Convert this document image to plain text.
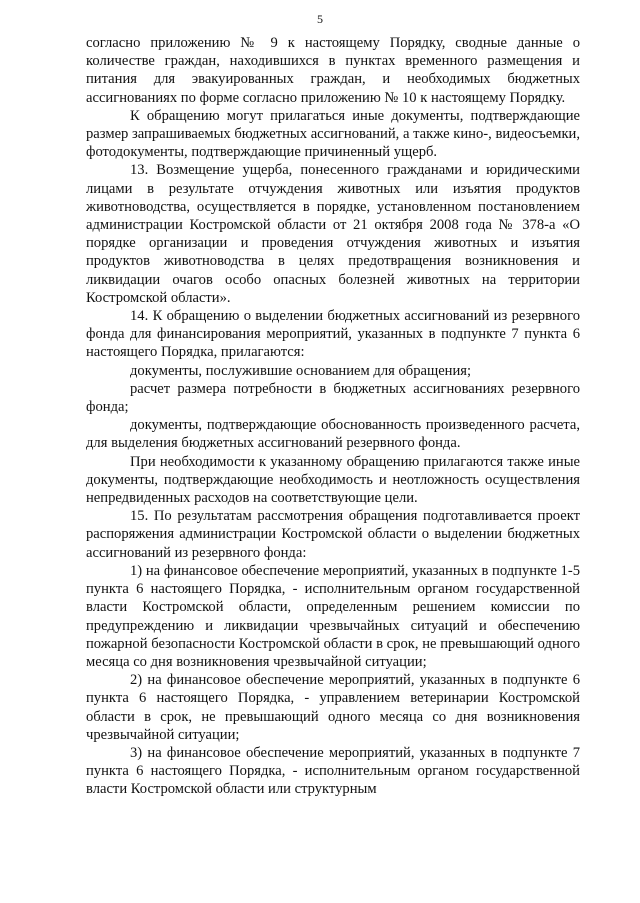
5

согласно приложению № 9 к настоящему Порядку, сводные данные о количестве граждан, находившихся в пунктах временного размещения и питания для эвакуированных граждан, и необходимых бюджетных ассигнованиях по форме согласно приложению № 10 к настоящему Порядку.

К обращению могут прилагаться иные документы, подтверждающие размер запрашиваемых бюджетных ассигнований, а также кино-, видеосъемки, фотодокументы, подтверждающие причиненный ущерб.

13. Возмещение ущерба, понесенного гражданами и юридическими лицами в результате отчуждения животных или изъятия продуктов животноводства, осуществляется в порядке, установленном постановлением администрации Костромской области от 21 октября 2008 года № 378-а «О порядке организации и проведения отчуждения животных и изъятия продуктов животноводства в целях предотвращения возникновения и ликвидации очагов особо опасных болезней животных на территории Костромской области».

14. К обращению о выделении бюджетных ассигнований из резервного фонда для финансирования мероприятий, указанных в подпункте 7 пункта 6 настоящего Порядка, прилагаются:

документы, послужившие основанием для обращения;

расчет размера потребности в бюджетных ассигнованиях резервного фонда;

документы, подтверждающие обоснованность произведенного расчета, для выделения бюджетных ассигнований резервного фонда.

При необходимости к указанному обращению прилагаются также иные документы, подтверждающие необходимость и неотложность осуществления непредвиденных расходов на соответствующие цели.

15. По результатам рассмотрения обращения подготавливается проект распоряжения администрации Костромской области о выделении бюджетных ассигнований из резервного фонда:

1) на финансовое обеспечение мероприятий, указанных в подпункте 1-5 пункта 6 настоящего Порядка, - исполнительным органом государственной власти Костромской области, определенным решением комиссии по предупреждению и ликвидации чрезвычайных ситуаций и обеспечению пожарной безопасности Костромской области в срок, не превышающий одного месяца со дня возникновения чрезвычайной ситуации;

2) на финансовое обеспечение мероприятий, указанных в подпункте 6 пункта 6 настоящего Порядка, - управлением ветеринарии Костромской области в срок, не превышающий одного месяца со дня возникновения чрезвычайной ситуации;

3) на финансовое обеспечение мероприятий, указанных в подпункте 7 пункта 6 настоящего Порядка, - исполнительным органом государственной власти Костромской области или структурным
